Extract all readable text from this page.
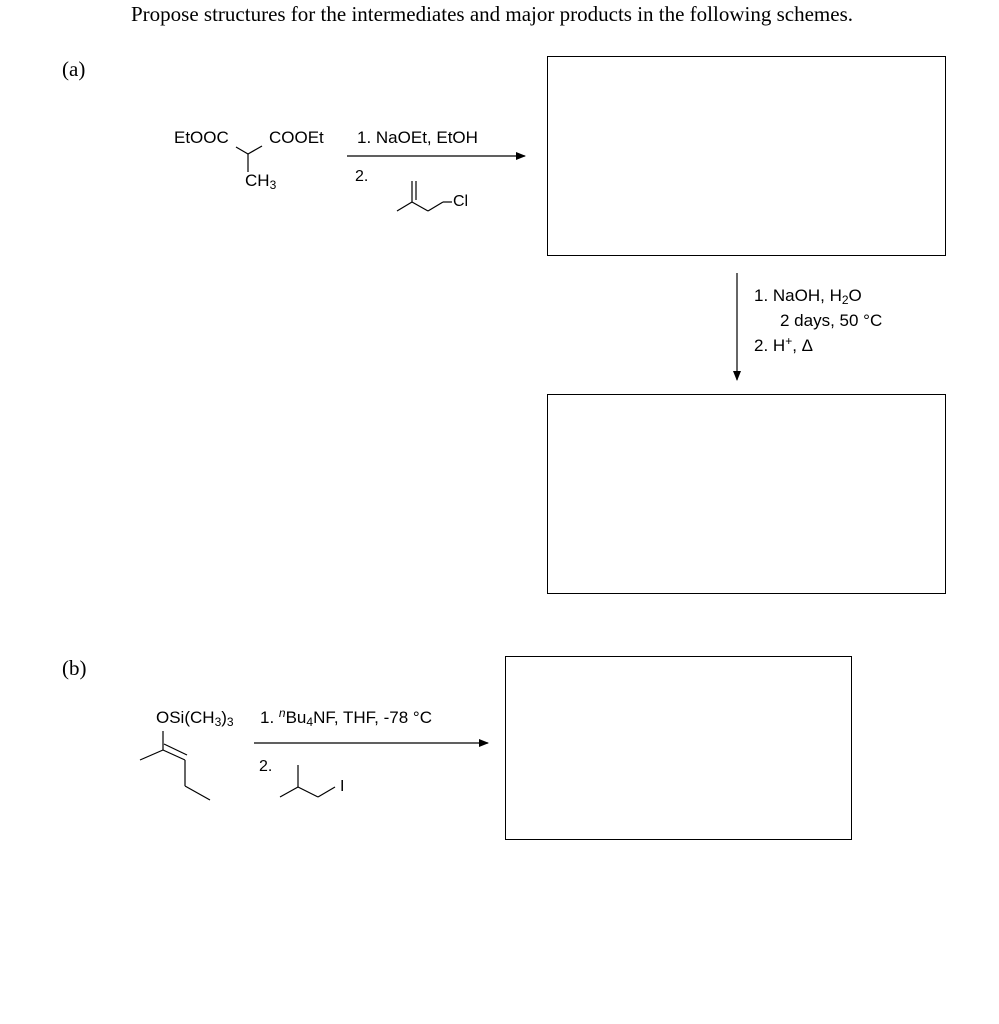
Propose structures for the intermediates and major products in the following schemes.
(a)
EtOOC COOEt
$CH_3$
1. NaOEt, EtOH
2.
Cl
1. NaOH, $H_2O$
2 days, 50 °C
2. H+, Δ
(b)
$OSi(CH_3)_3$ 1. $^nBu_4NF$, THF, -78 °C
2.
I
